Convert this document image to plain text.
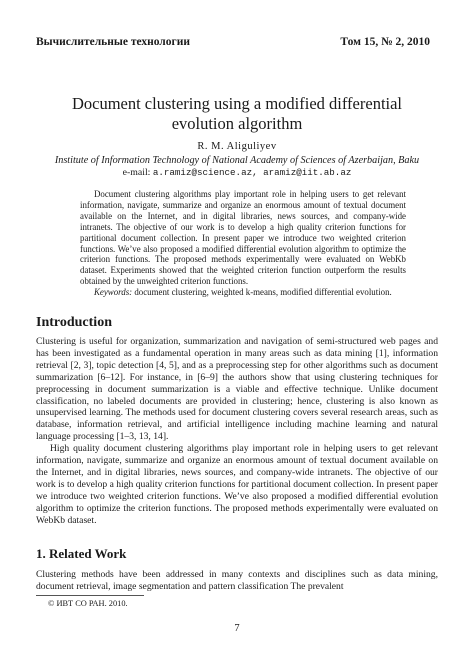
Вычислительные технологии	Том 15, № 2, 2010
Document clustering using a modified differential
evolution algorithm
R. M. Aliguliyev
Institute of Information Technology of National Academy of Sciences of Azerbaijan, Baku
e-mail: a.ramiz@science.az, aramiz@iit.ab.az
Document clustering algorithms play important role in helping users to get relevant information, navigate, summarize and organize an enormous amount of textual document available on the Internet, and in digital libraries, news sources, and company-wide intranets. The objective of our work is to develop a high quality criterion functions for partitional document collection. In present paper we introduce two weighted criterion functions. We’ve also proposed a modified differential evolution algorithm to optimize the criterion functions. The proposed methods experimentally were evaluated on WebKb dataset. Experiments showed that the weighted criterion function outperform the results obtained by the unweighted criterion functions.
Keywords: document clustering, weighted k-means, modified differential evolution.
Introduction

Clustering is useful for organization, summarization and navigation of semi-structured web pages and has been investigated as a fundamental operation in many areas such as data mining [1], information retrieval [2, 3], topic detection [4, 5], and as a preprocessing step for other algorithms such as document summarization [6–12]. For instance, in [6–9] the authors show that using clustering techniques for preprocessing in document summarization is a viable and effective technique. Unlike document classification, no labeled documents are provided in clustering; hence, clustering is also known as unsupervised learning. The methods used for document clustering covers several research areas, such as database, information retrieval, and artificial intelligence including machine learning and natural language processing [1–3, 13, 14].

High quality document clustering algorithms play important role in helping users to get relevant information, navigate, summarize and organize an enormous amount of textual document available on the Internet, and in digital libraries, news sources, and company-wide intranets. The objective of our work is to develop a high quality criterion functions for partitional document collection. In present paper we introduce two weighted criterion functions. We’ve also proposed a modified differential evolution algorithm to optimize the criterion functions. The proposed methods experimentally were evaluated on WebKb dataset.

1. Related Work
Clustering methods have been addressed in many contexts and disciplines such as data mining, document retrieval, image segmentation and pattern classification The prevalent
© ИВТ СО РАН. 2010.
7
